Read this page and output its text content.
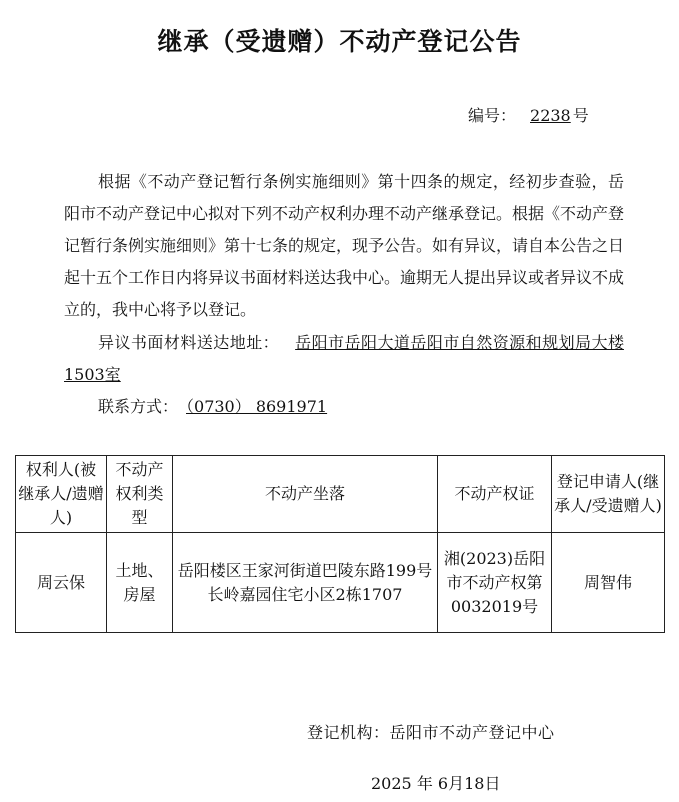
继承（受遗赠）不动产登记公告
编号： 2238 号

根据《不动产登记暂行条例实施细则》第十四条的规定，经初步查验，岳阳市不动产登记中心拟对下列不动产权利办理不动产继承登记。根据《不动产登记暂行条例实施细则》第十七条的规定，现予公告。如有异议，请自本公告之日起十五个工作日内将异议书面材料送达我中心。逾期无人提出异议或者异议不成立的，我中心将予以登记。

异议书面材料送达地址： 岳阳市岳阳大道岳阳市自然资源和规划局大楼1503室

联系方式： （0730） 8691971

权利人(被继承人/遗赠人)	不动产权利类型	不动产坐落	不动产权证	登记申请人(继承人/受遗赠人)
周云保	土地、房屋	岳阳楼区王家河街道巴陵东路199号长岭嘉园住宅小区2栋1707	湘(2023)岳阳市不动产权第0032019号	周智伟
登记机构：岳阳市不动产登记中心
2025 年 6月18日
